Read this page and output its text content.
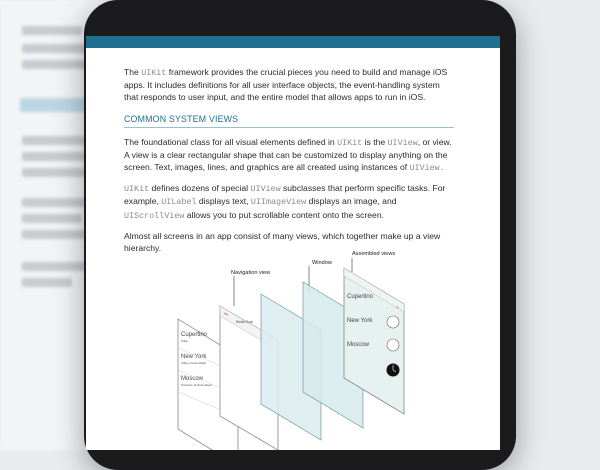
The UIKit framework provides the crucial pieces you need to build and manage iOS apps. It includes definitions for all user interface objects, the event-handling system that responds to user input, and the entire model that allows apps to run in iOS.

COMMON SYSTEM VIEWS

The foundational class for all visual elements defined in UIKit is the UIView, or view. A view is a clear rectangular shape that can be customized to display anything on the screen. Text, images, lines, and graphics are all created using instances of UIView.

UIKit defines dozens of special UIView subclasses that perform specific tasks. For example, UILabel displays text, UIImageView displays an image, and UIScrollView allows you to put scrollable content onto the screen.

Almost all screens in an app consist of many views, which together make up a view hierarchy.

Navigation view
Window
Assembled views
Cupertino
Today
New York
Today, 3 hours ahead
Moscow
Tomorrow, 11 hours ahead
World Clock
Cupertino
New York
Moscow
+
